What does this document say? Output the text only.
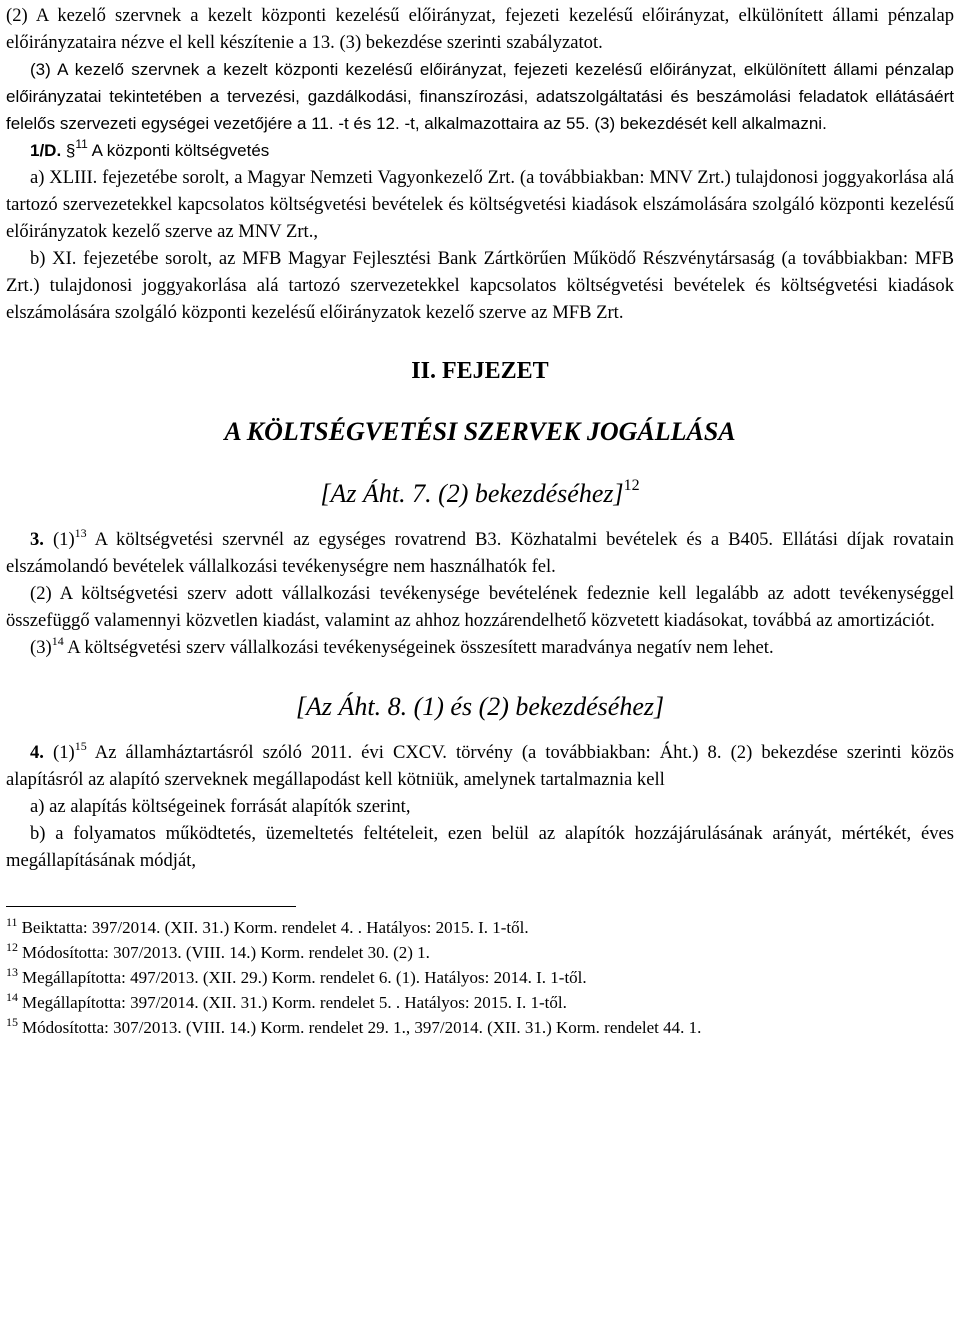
(2) A kezelő szervnek a kezelt központi kezelésű előirányzat, fejezeti kezelésű előirányzat, elkülönített állami pénzalap előirányzataira nézve el kell készítenie a 13. (3) bekezdése szerinti szabályzatot.

(3) A kezelő szervnek a kezelt központi kezelésű előirányzat, fejezeti kezelésű előirányzat, elkülönített állami pénzalap előirányzatai tekintetében a tervezési, gazdálkodási, finanszírozási, adatszolgáltatási és beszámolási feladatok ellátásáért felelős szervezeti egységei vezetőjére a 11. -t és 12. -t, alkalmazottaira az 55. (3) bekezdését kell alkalmazni.

1/D. §$^{11}$ A központi költségvetés

a) XLIII. fejezetébe sorolt, a Magyar Nemzeti Vagyonkezelő Zrt. (a továbbiakban: MNV Zrt.) tulajdonosi joggyakorlása alá tartozó szervezetekkel kapcsolatos költségvetési bevételek és költségvetési kiadások elszámolására szolgáló központi kezelésű előirányzatok kezelő szerve az MNV Zrt.,

b) XI. fejezetébe sorolt, az MFB Magyar Fejlesztési Bank Zártkörűen Működő Részvénytársaság (a továbbiakban: MFB Zrt.) tulajdonosi joggyakorlása alá tartozó szervezetekkel kapcsolatos költségvetési bevételek és költségvetési kiadások elszámolására szolgáló központi kezelésű előirányzatok kezelő szerve az MFB Zrt.

II. FEJEZET
A KÖLTSÉGVETÉSI SZERVEK JOGÁLLÁSA
[Az Áht. 7. (2) bekezdéséhez]$^{12}$

3. $(1)^{13}$ A költségvetési szervnél az egységes rovatrend B3. Közhatalmi bevételek és a B405. Ellátási díjak rovatain elszámolandó bevételek vállalkozási tevékenységre nem használhatók fel.

(2) A költségvetési szerv adott vállalkozási tevékenysége bevételének fedeznie kell legalább az adott tevékenységgel összefüggő valamennyi közvetlen kiadást, valamint az ahhoz hozzárendelhető közvetett kiadásokat, továbbá az amortizációt.

$(3)^{14}$ A költségvetési szerv vállalkozási tevékenységeinek összesített maradványa negatív nem lehet.

[Az Áht. 8. (1) és (2) bekezdéséhez]

4. $(1)^{15}$ Az államháztartásról szóló 2011. évi CXCV. törvény (a továbbiakban: Áht.) 8. (2) bekezdése szerinti közös alapításról az alapító szerveknek megállapodást kell kötniük, amelynek tartalmaznia kell

a) az alapítás költségeinek forrását alapítók szerint,

b) a folyamatos működtetés, üzemeltetés feltételeit, ezen belül az alapítók hozzájárulásának arányát, mértékét, éves megállapításának módját,

$^{11}$ Beiktatta: 397/2014. (XII. 31.) Korm. rendelet 4. . Hatályos: 2015. I. 1-től.

$^{12}$ Módosította: 307/2013. (VIII. 14.) Korm. rendelet 30. (2) 1.

$^{13}$ Megállapította: 497/2013. (XII. 29.) Korm. rendelet 6. (1). Hatályos: 2014. I. 1-től.

$^{14}$ Megállapította: 397/2014. (XII. 31.) Korm. rendelet 5. . Hatályos: 2015. I. 1-től.

$^{15}$ Módosította: 307/2013. (VIII. 14.) Korm. rendelet 29. 1., 397/2014. (XII. 31.) Korm. rendelet 44. 1.
